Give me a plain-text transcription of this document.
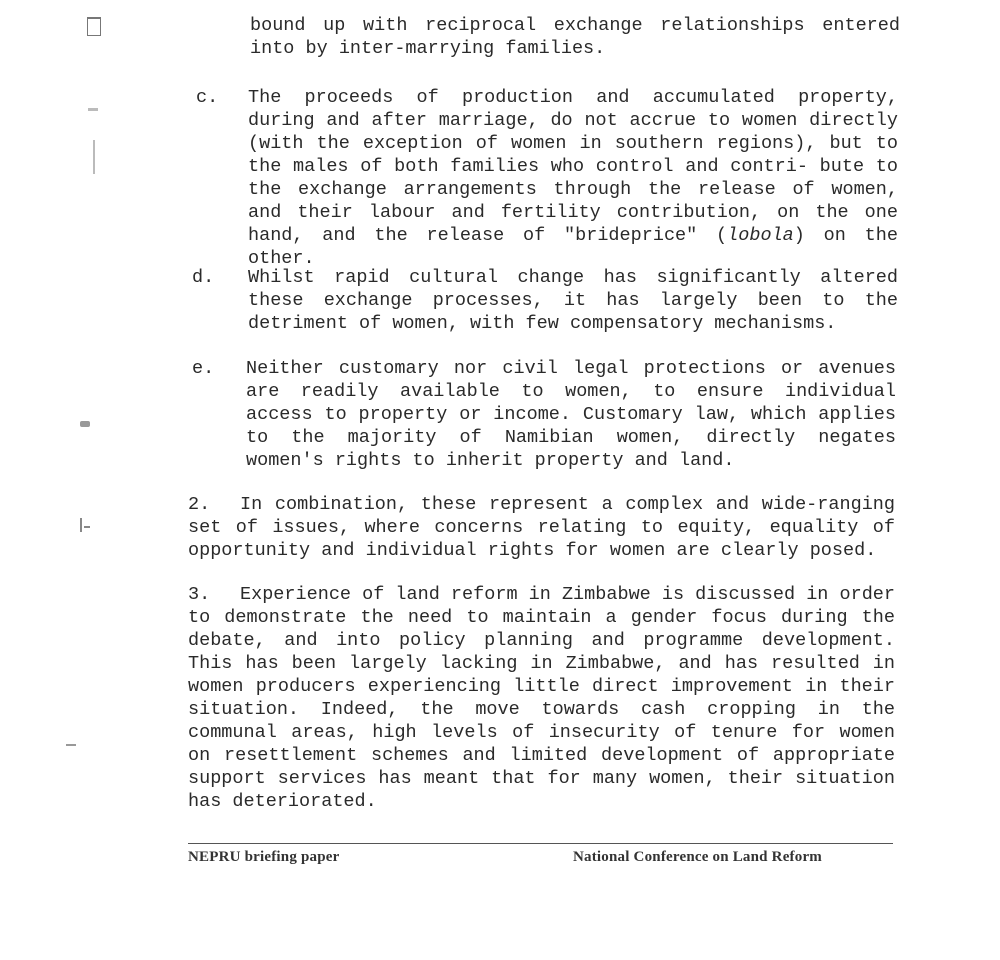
bound up with reciprocal exchange relationships entered into by inter-marrying families.

c. The proceeds of production and accumulated property, during and after marriage, do not accrue to women directly (with the exception of women in southern regions), but to the males of both families who control and contri- bute to the exchange arrangements through the release of women, and their labour and fertility contribution, on the one hand, and the release of "brideprice" (lobola) on the other.

d. Whilst rapid cultural change has significantly altered these exchange processes, it has largely been to the detriment of women, with few compensatory mechanisms.

e. Neither customary nor civil legal protections or avenues are readily available to women, to ensure individual access to property or income. Customary law, which applies to the majority of Namibian women, directly negates women's rights to inherit property and land.

2. In combination, these represent a complex and wide-ranging set of issues, where concerns relating to equity, equality of opportunity and individual rights for women are clearly posed.

3. Experience of land reform in Zimbabwe is discussed in order to demonstrate the need to maintain a gender focus during the debate, and into policy planning and programme development. This has been largely lacking in Zimbabwe, and has resulted in women producers experiencing little direct improvement in their situation. Indeed, the move towards cash cropping in the communal areas, high levels of insecurity of tenure for women on resettlement schemes and limited development of appropriate support services has meant that for many women, their situation has deteriorated.

NEPRU briefing paper	National Conference on Land Reform
